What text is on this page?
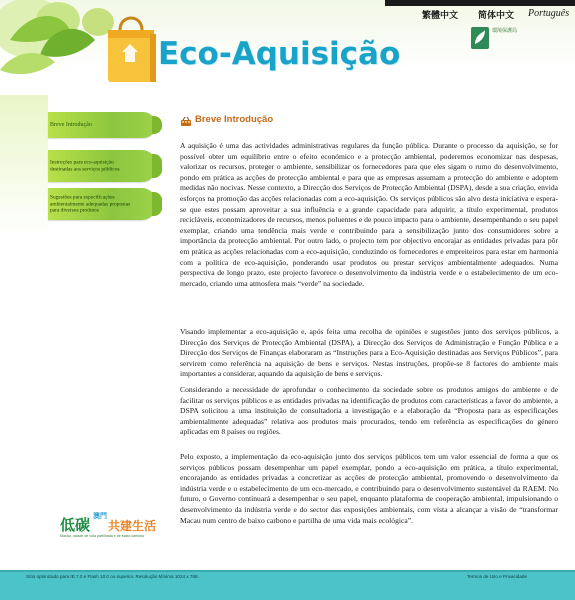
繁體中文 简体中文 Português
Eco-Aquisição
環境保護局
Breve Introdução
Instruções para eco-aquisição destinadas aos serviços públicos
Sugestões para especificações ambientalmente adequadas propostas para diversos produtos
Breve Introdução

A aquisição é uma das actividades administrativas regulares da função pública. Durante o processo da aquisição, se for possível obter um equilíbrio entre o efeito económico e a protecção ambiental, poderemos economizar nas despesas, valorizar os recursos, proteger o ambiente, sensibilizar os fornecedores para que eles sigam o rumo do desenvolvimento, pondo em prática as acções de protecção ambiental e para que as empresas assumam a protecção do ambiente e adoptem medidas não nocivas. Nesse contexto, a Direcção dos Serviços de Protecção Ambiental (DSPA), desde a sua criação, envida esforços na promoção das acções relacionadas com a eco-aquisição. Os serviços públicos são alvo desta iniciativa e espera-se que estes possam aproveitar a sua influência e a grande capacidade para adquirir, a título experimental, produtos recicláveis, economizadores de recursos, menos poluentes e de pouco impacto para o ambiente, desempenhando o seu papel exemplar, criando uma tendência mais verde e contribuindo para a sensibilização junto dos consumidores sobre a importância da protecção ambiental. Por outro lado, o projecto tem por objectivo encorajar as entidades privadas para pôr em prática as acções relacionadas com a eco-aquisição, conduzindo os fornecedores e empreiteiros para estar em harmonia com a política de eco-aquisição, ponderando usar produtos ou prestar serviços ambientalmente adequados. Numa perspectiva de longo prazo, este projecto favorece o desenvolvimento da indústria verde e o estabelecimento de um eco-mercado, criando uma atmosfera mais “verde” na sociedade.

Visando implementar a eco-aquisição e, após feita uma recolha de opiniões e sugestões junto dos serviços públicos, a Direcção dos Serviços de Protecção Ambiental (DSPA), a Direcção dos Serviços de Administração e Função Pública e a Direcção dos Serviços de Finanças elaboraram as “Instruções para a Eco-Aquisição destinadas aos Serviços Públicos”, para servirem como referência na aquisição de bens e serviços. Nestas instruções, propõe-se 8 factores do ambiente mais importantes a considerar, aquando da aquisição de bens e serviços.

Considerando a necessidade de aprofundar o conhecimento da sociedade sobre os produtos amigos do ambiente e de facilitar os serviços públicos e as entidades privadas na identificação de produtos com características a favor do ambiente, a DSPA solicitou a uma instituição de consultadoria a investigação e a elaboração da “Proposta para as especificações ambientalmente adequadas” relativa aos produtos mais procurados, tendo em referência as especificações do género aplicadas em 8 países ou regiões.

Pelo exposto, a implementação da eco-aquisição junto dos serviços públicos tem um valor essencial de forma a que os serviços públicos possam desempenhar um papel exemplar, pondo a eco-aquisição em prática, a título experimental, encorajando as entidades privadas a concretizar as acções de protecção ambiental, promovendo o desenvolvimento da indústria verde e o estabelecimento de um eco-mercado, e contribuindo para o desenvolvimento sustentável da RAEM. No futuro, o Governo continuará a desempenhar o seu papel, enquanto plataforma de cooperação ambiental, impulsionando o desenvolvimento da indústria verde e do sector das exposições ambientais, com vista a alcançar a visão de “transformar Macau num centro de baixo carbono e partilha de uma vida mais ecológica”.

低碳 澳門
共建生活
Macau, cidade de vida partilhada e de baixo carbono
Sítio optimizado para IE 7.0 e Flash 10.0 ou superior. Resolução Mínima 1024 x 768.	Termos de Uso e Privacidade
